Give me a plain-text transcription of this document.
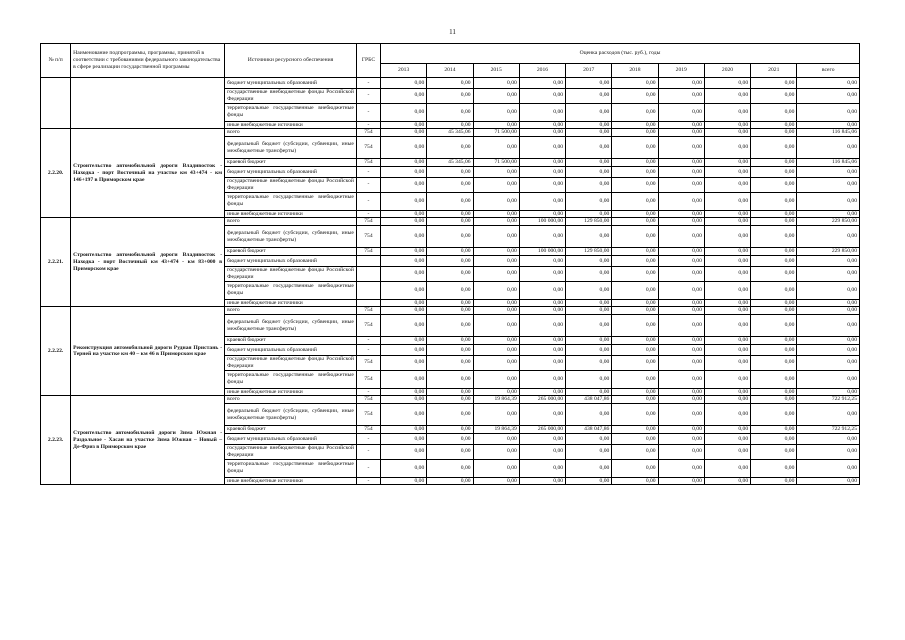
11
№ п/п	Наименование подпрограммы, программы, принятой в соответствии с требованиями федерального законодательства в сфере реализации государственной программы	Источники ресурсного обеспечения	ГРБС	Оценка расходов (тыс. руб.), годы									
				2013	2014	2015	2016	2017	2018	2019	2020	2021	всего
		бюджет муниципальных образований	-	0,00	0,00	0,00	0,00	0,00	0,00	0,00	0,00	0,00	0,00
		государственные внебюджетные фонды Российской Федерации	-	0,00	0,00	0,00	0,00	0,00	0,00	0,00	0,00	0,00	0,00
		территориальные государственные внебюджетные фонды	-	0,00	0,00	0,00	0,00	0,00	0,00	0,00	0,00	0,00	0,00
		иные внебюджетные источники	-	0,00	0,00	0,00	0,00	0,00	0,00	0,00	0,00	0,00	0,00
2.2.20.	Строительство автомобильной дороги Владивосток - Находка - порт Восточный на участке км 43+474 - км 146+197 в Приморском крае	всего	754	0,00	45 345,06	71 500,00	0,00	0,00	0,00	0,00	0,00	0,00	116 845,06
		федеральный бюджет (субсидии, субвенции, иные межбюджетные трансферты)	754	0,00	0,00	0,00	0,00	0,00	0,00	0,00	0,00	0,00	0,00
		краевой бюджет	754	0,00	45 345,06	71 500,00	0,00	0,00	0,00	0,00	0,00	0,00	116 845,06
		бюджет муниципальных образований	-	0,00	0,00	0,00	0,00	0,00	0,00	0,00	0,00	0,00	0,00
		государственные внебюджетные фонды Российской Федерации	-	0,00	0,00	0,00	0,00	0,00	0,00	0,00	0,00	0,00	0,00
		территориальные государственные внебюджетные фонды	-	0,00	0,00	0,00	0,00	0,00	0,00	0,00	0,00	0,00	0,00
		иные внебюджетные источники	-	0,00	0,00	0,00	0,00	0,00	0,00	0,00	0,00	0,00	0,00
2.2.21.	Строительство автомобильной дороги Владивосток - Находка - порт Восточный км 43+474 - км 83+000 в Приморском крае	всего	754	0,00	0,00	0,00	100 000,00	129 850,00	0,00	0,00	0,00	0,00	229 850,00
		федеральный бюджет (субсидии, субвенции, иные межбюджетные трансферты)	754	0,00	0,00	0,00	0,00	0,00	0,00	0,00	0,00	0,00	0,00
		краевой бюджет	754	0,00	0,00	0,00	100 000,00	129 850,00	0,00	0,00	0,00	0,00	229 850,00
		бюджет муниципальных образований		0,00	0,00	0,00	0,00	0,00	0,00	0,00	0,00	0,00	0,00
		государственные внебюджетные фонды Российской Федерации		0,00	0,00	0,00	0,00	0,00	0,00	0,00	0,00	0,00	0,00
		территориальные государственные внебюджетные фонды		0,00	0,00	0,00	0,00	0,00	0,00	0,00	0,00	0,00	0,00
		иные внебюджетные источники		0,00	0,00	0,00	0,00	0,00	0,00	0,00	0,00	0,00	0,00
2.2.22.	Реконструкция автомобильной дороги Рудная Пристань - Терней на участке км 40 – км 46 в Приморском крае	всего	754	0,00	0,00	0,00	0,00	0,00	0,00	0,00	0,00	0,00	0,00
		федеральный бюджет (субсидии, субвенции, иные межбюджетные трансферты)	754	0,00	0,00	0,00	0,00	0,00	0,00	0,00	0,00	0,00	0,00
		краевой бюджет	-	0,00	0,00	0,00	0,00	0,00	0,00	0,00	0,00	0,00	0,00
		бюджет муниципальных образований	-	0,00	0,00	0,00	0,00	0,00	0,00	0,00	0,00	0,00	0,00
		государственные внебюджетные фонды Российской Федерации	754	0,00	0,00	0,00	0,00	0,00	0,00	0,00	0,00	0,00	0,00
		территориальные государственные внебюджетные фонды	754	0,00	0,00	0,00	0,00	0,00	0,00	0,00	0,00	0,00	0,00
		иные внебюджетные источники	-	0,00	0,00	0,00	0,00	0,00	0,00	0,00	0,00	0,00	0,00
2.2.23.	Строительство автомобильной дороги Зима Южная - Раздольное - Хасан на участке Зима Южная – Новый – Де-Фриз в Приморском крае	всего	754	0,00	0,00	19 864,39	265 000,00	438 047,86	0,00	0,00	0,00	0,00	722 912,25
		федеральный бюджет (субсидии, субвенции, иные межбюджетные трансферты)	754	0,00	0,00	0,00	0,00	0,00	0,00	0,00	0,00	0,00	0,00
		краевой бюджет	754	0,00	0,00	19 864,39	265 000,00	438 047,86	0,00	0,00	0,00	0,00	722 912,25
		бюджет муниципальных образований	-	0,00	0,00	0,00	0,00	0,00	0,00	0,00	0,00	0,00	0,00
		государственные внебюджетные фонды Российской Федерации	-	0,00	0,00	0,00	0,00	0,00	0,00	0,00	0,00	0,00	0,00
		территориальные государственные внебюджетные фонды	-	0,00	0,00	0,00	0,00	0,00	0,00	0,00	0,00	0,00	0,00
		иные внебюджетные источники	-	0,00	0,00	0,00	0,00	0,00	0,00	0,00	0,00	0,00	0,00
